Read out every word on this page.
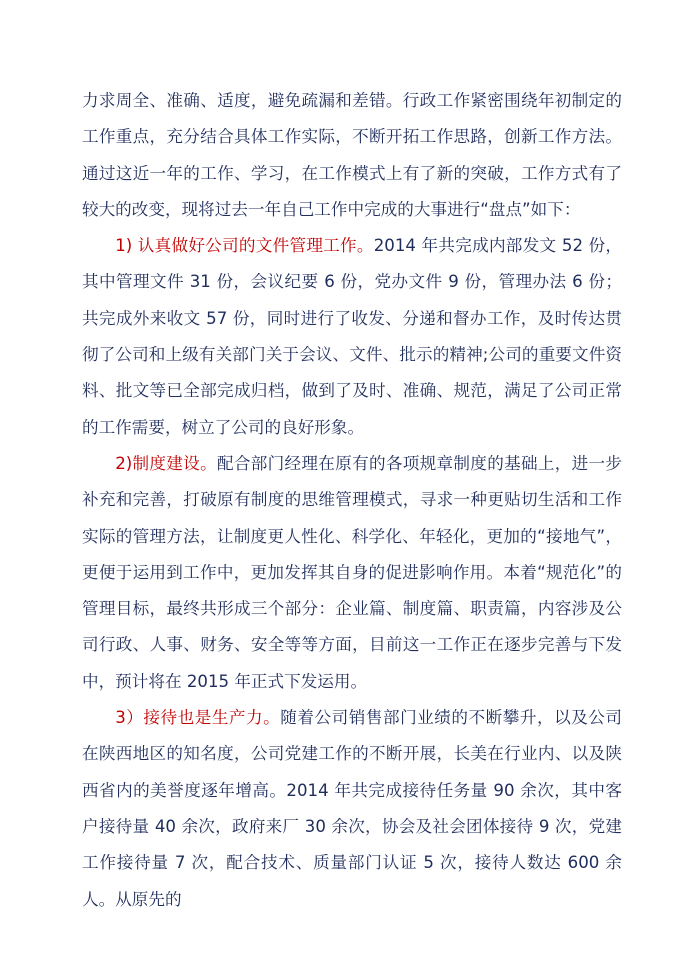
力求周全、准确、适度，避免疏漏和差错。行政工作紧密围绕年初制定的工作重点，充分结合具体工作实际，不断开拓工作思路，创新工作方法。通过这近一年的工作、学习，在工作模式上有了新的突破，工作方式有了较大的改变，现将过去一年自己工作中完成的大事进行“盘点”如下：

1) 认真做好公司的文件管理工作。2014 年共完成内部发文 52 份，其中管理文件 31 份，会议纪要 6 份，党办文件 9 份，管理办法 6 份；共完成外来收文 57 份，同时进行了收发、分递和督办工作，及时传达贯彻了公司和上级有关部门关于会议、文件、批示的精神;公司的重要文件资料、批文等已全部完成归档，做到了及时、准确、规范，满足了公司正常的工作需要，树立了公司的良好形象。

2)制度建设。配合部门经理在原有的各项规章制度的基础上，进一步补充和完善，打破原有制度的思维管理模式，寻求一种更贴切生活和工作实际的管理方法，让制度更人性化、科学化、年轻化，更加的“接地气”，更便于运用到工作中，更加发挥其自身的促进影响作用。本着“规范化”的管理目标，最终共形成三个部分：企业篇、制度篇、职责篇，内容涉及公司行政、人事、财务、安全等等方面，目前这一工作正在逐步完善与下发中，预计将在 2015 年正式下发运用。

3）接待也是生产力。随着公司销售部门业绩的不断攀升，以及公司在陕西地区的知名度，公司党建工作的不断开展，长美在行业内、以及陕西省内的美誉度逐年增高。2014 年共完成接待任务量 90 余次，其中客户接待量 40 余次，政府来厂 30 余次，协会及社会团体接待 9 次，党建工作接待量 7 次，配合技术、质量部门认证 5 次，接待人数达 600 余人。从原先的
